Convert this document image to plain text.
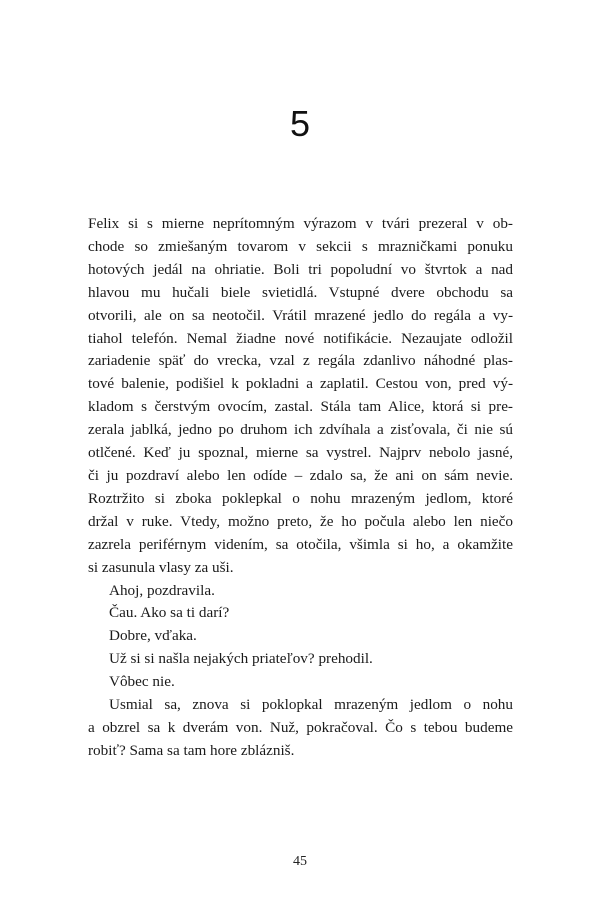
5
Felix si s mierne neprítomným výrazom v tvári prezeral v ob-
chode so zmiešaným tovarom v sekcii s mrazničkami ponuku
hotových jedál na ohriatie. Boli tri popoludní vo štvrtok a nad
hlavou mu hučali biele svietidlá. Vstupné dvere obchodu sa
otvorili, ale on sa neotočil. Vrátil mrazené jedlo do regála a vy-
tiahol telefón. Nemal žiadne nové notifikácie. Nezaujate odložil
zariadenie späť do vrecka, vzal z regála zdanlivo náhodné plas-
tové balenie, podišiel k pokladni a zaplatil. Cestou von, pred vý-
kladom s čerstvým ovocím, zastal. Stála tam Alice, ktorá si pre-
zerala jablká, jedno po druhom ich zdvíhala a zisťovala, či nie sú
otlčené. Keď ju spoznal, mierne sa vystrel. Najprv nebolo jasné,
či ju pozdraví alebo len odíde – zdalo sa, že ani on sám nevie.
Roztržito si zboka poklepkal o nohu mrazeným jedlom, ktoré
držal v ruke. Vtedy, možno preto, že ho počula alebo len niečo
zazrela periférnym videním, sa otočila, všimla si ho, a okamžite
si zasunula vlasy za uši.
Ahoj, pozdravila.
Čau. Ako sa ti darí?
Dobre, vďaka.
Už si si našla nejakých priateľov? prehodil.
Vôbec nie.
Usmial sa, znova si poklopkal mrazeným jedlom o nohu
a obzrel sa k dverám von. Nuž, pokračoval. Čo s tebou budeme
robiť? Sama sa tam hore zblázniš.
45
